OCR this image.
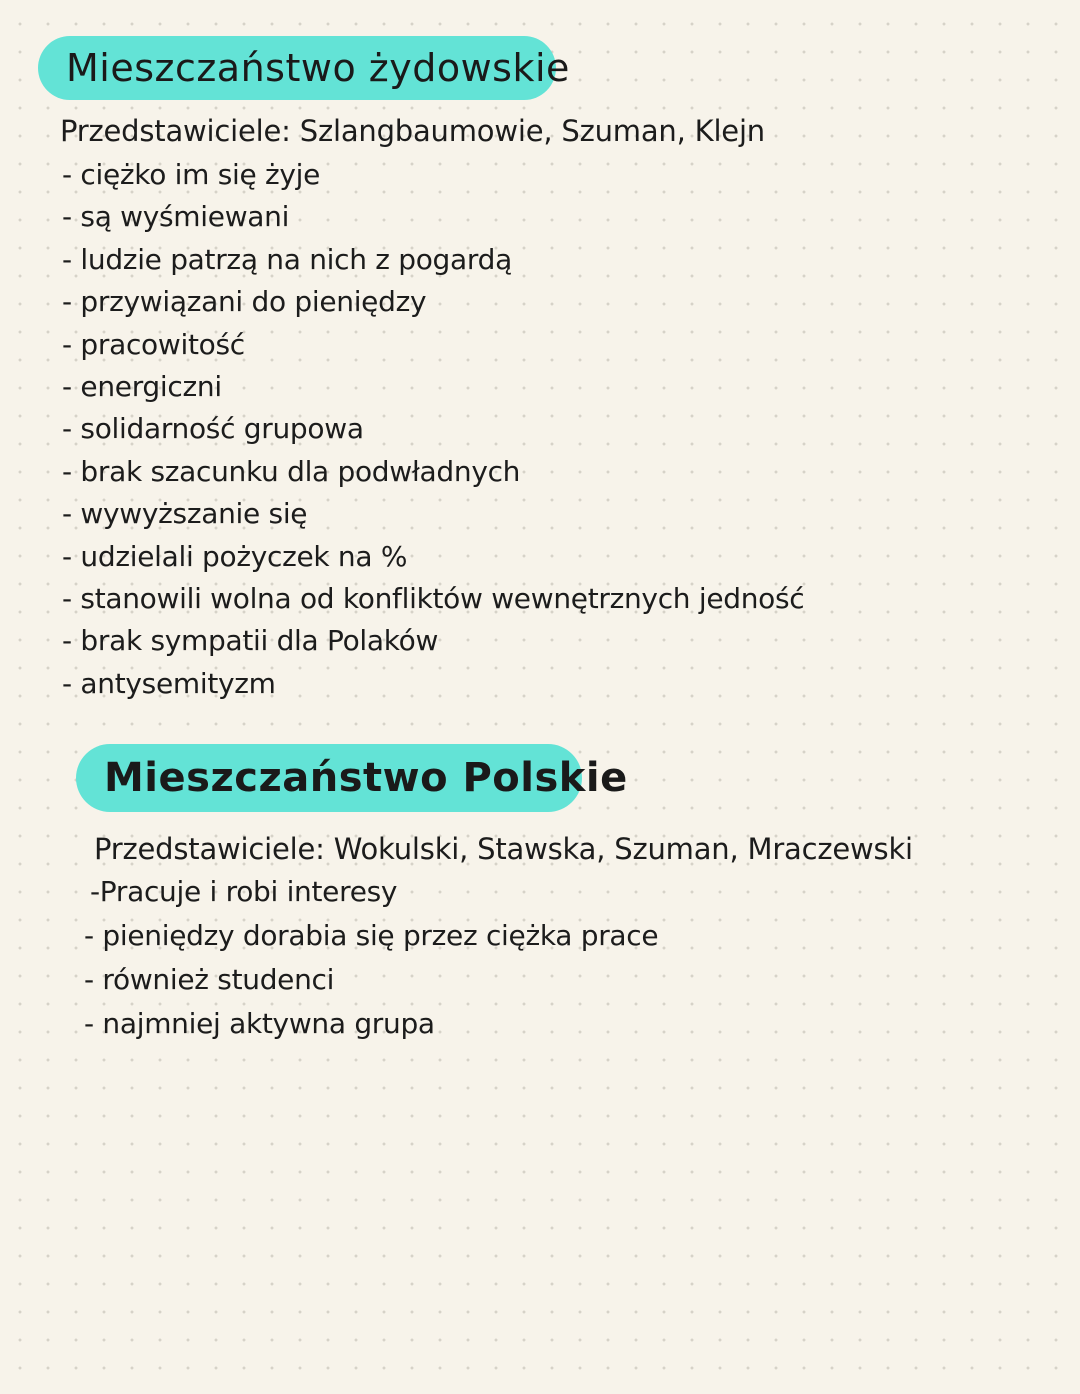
Mieszczaństwo żydowskie
Przedstawiciele: Szlangbaumowie, Szuman, Klejn
- ciężko im się żyje
- są wyśmiewani
- ludzie patrzą na nich z pogardą
- przywiązani do pieniędzy
- pracowitość
- energiczni
- solidarność grupowa
- brak szacunku dla podwładnych
- wywyższanie się
- udzielali pożyczek na %
- stanowili wolna od konfliktów wewnętrznych jedność
- brak sympatii dla Polaków
- antysemityzm
Mieszczaństwo Polskie
Przedstawiciele: Wokulski, Stawska, Szuman, Mraczewski
-Pracuje i robi interesy
- pieniędzy dorabia się przez ciężka prace
- również studenci
- najmniej aktywna grupa
